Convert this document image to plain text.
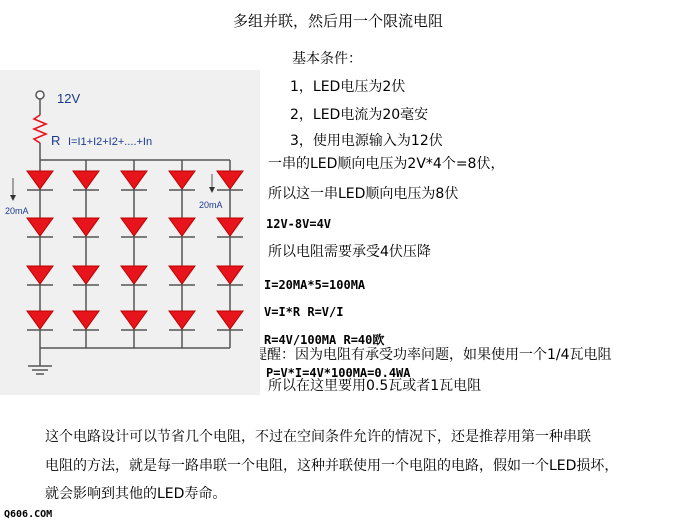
多组并联，然后用一个限流电阻
基本条件：
1，LED电压为2伏
2，LED电流为20毫安
3，使用电源输入为12伏
一串的LED顺向电压为2V*4个=8伏，
所以这一串LED顺向电压为8伏
12V-8V=4V
所以电阻需要承受4伏压降
I=20MA*5=100MA
V=I*R R=V/I
R=4V/100MA R=40欧
提醒：因为电阻有承受功率问题，如果使用一个1/4瓦电阻
P=V*I=4V*100MA=0.4WA
所以在这里要用0.5瓦或者1瓦电阻
这个电路设计可以节省几个电阻，不过在空间条件允许的情况下，还是推荐用第一种串联
电阻的方法，就是每一路串联一个电阻，这种并联使用一个电阻的电路，假如一个LED损坏，
就会影响到其他的LED寿命。
Q606.COM
12V
R I=I1+I2+I2+....+In
20mA
20mA
